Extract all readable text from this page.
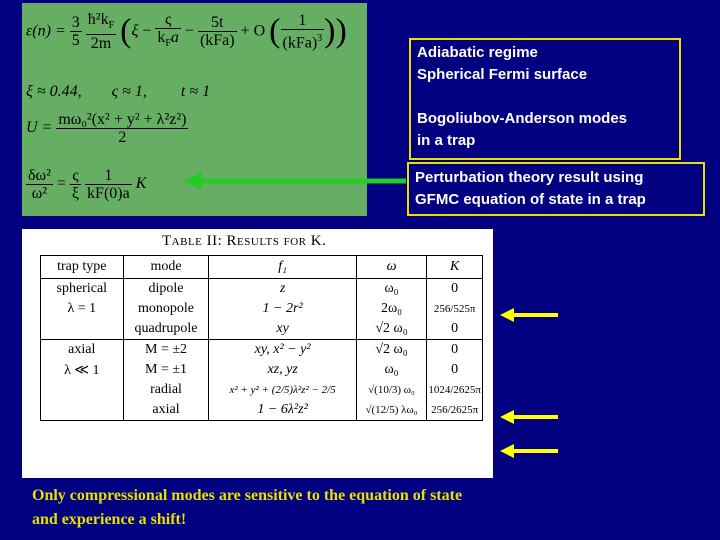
$\varepsilon(n) = \frac{3}{5}$
$\frac{ħ^2k_F}{2m} (\xi - \frac{\varsigma}{k_Fa} - \frac{5t}{\text{(kFa)}} + O$ ( $\frac{1}{(kFa)^3}$ ))
ξ ≈ 0.44, ς ≈ 1, t ≈ 1
$U = \frac{\text{mω₀²(x² + y² + λ²z²)}}{2}$
$\frac{\text{δω²}}{\text{ω²}} = \frac{\varsigma}{\xi}$
$\frac{1}{kF(0)a}$ K
Adiabatic regime
Spherical Fermi surface
Bogoliubov-Anderson modes
in a trap
Perturbation theory result using
GFMC equation of state in a trap
Table II: Results for K.
trap type	mode	f₁	ω	K
spherical	dipole	z	ω₀	0
λ = 1	monopole	1 − 2r²	2ω₀	256/525π
	quadrupole	xy	√2 ω₀	0
axial	M = ±2	xy, x² − y²	√2 ω₀	0
λ ≪ 1	M = ±1	xz, yz	ω₀	0
	radial	x² + y² + (2/5)λ²z² − 2/5	√(10/3) ω₀	1024/2625π
	axial	1 − 6λ²z²	√(12/5) λω₀	256/2625π
Only compressional modes are sensitive to the equation of state
and experience a shift!
